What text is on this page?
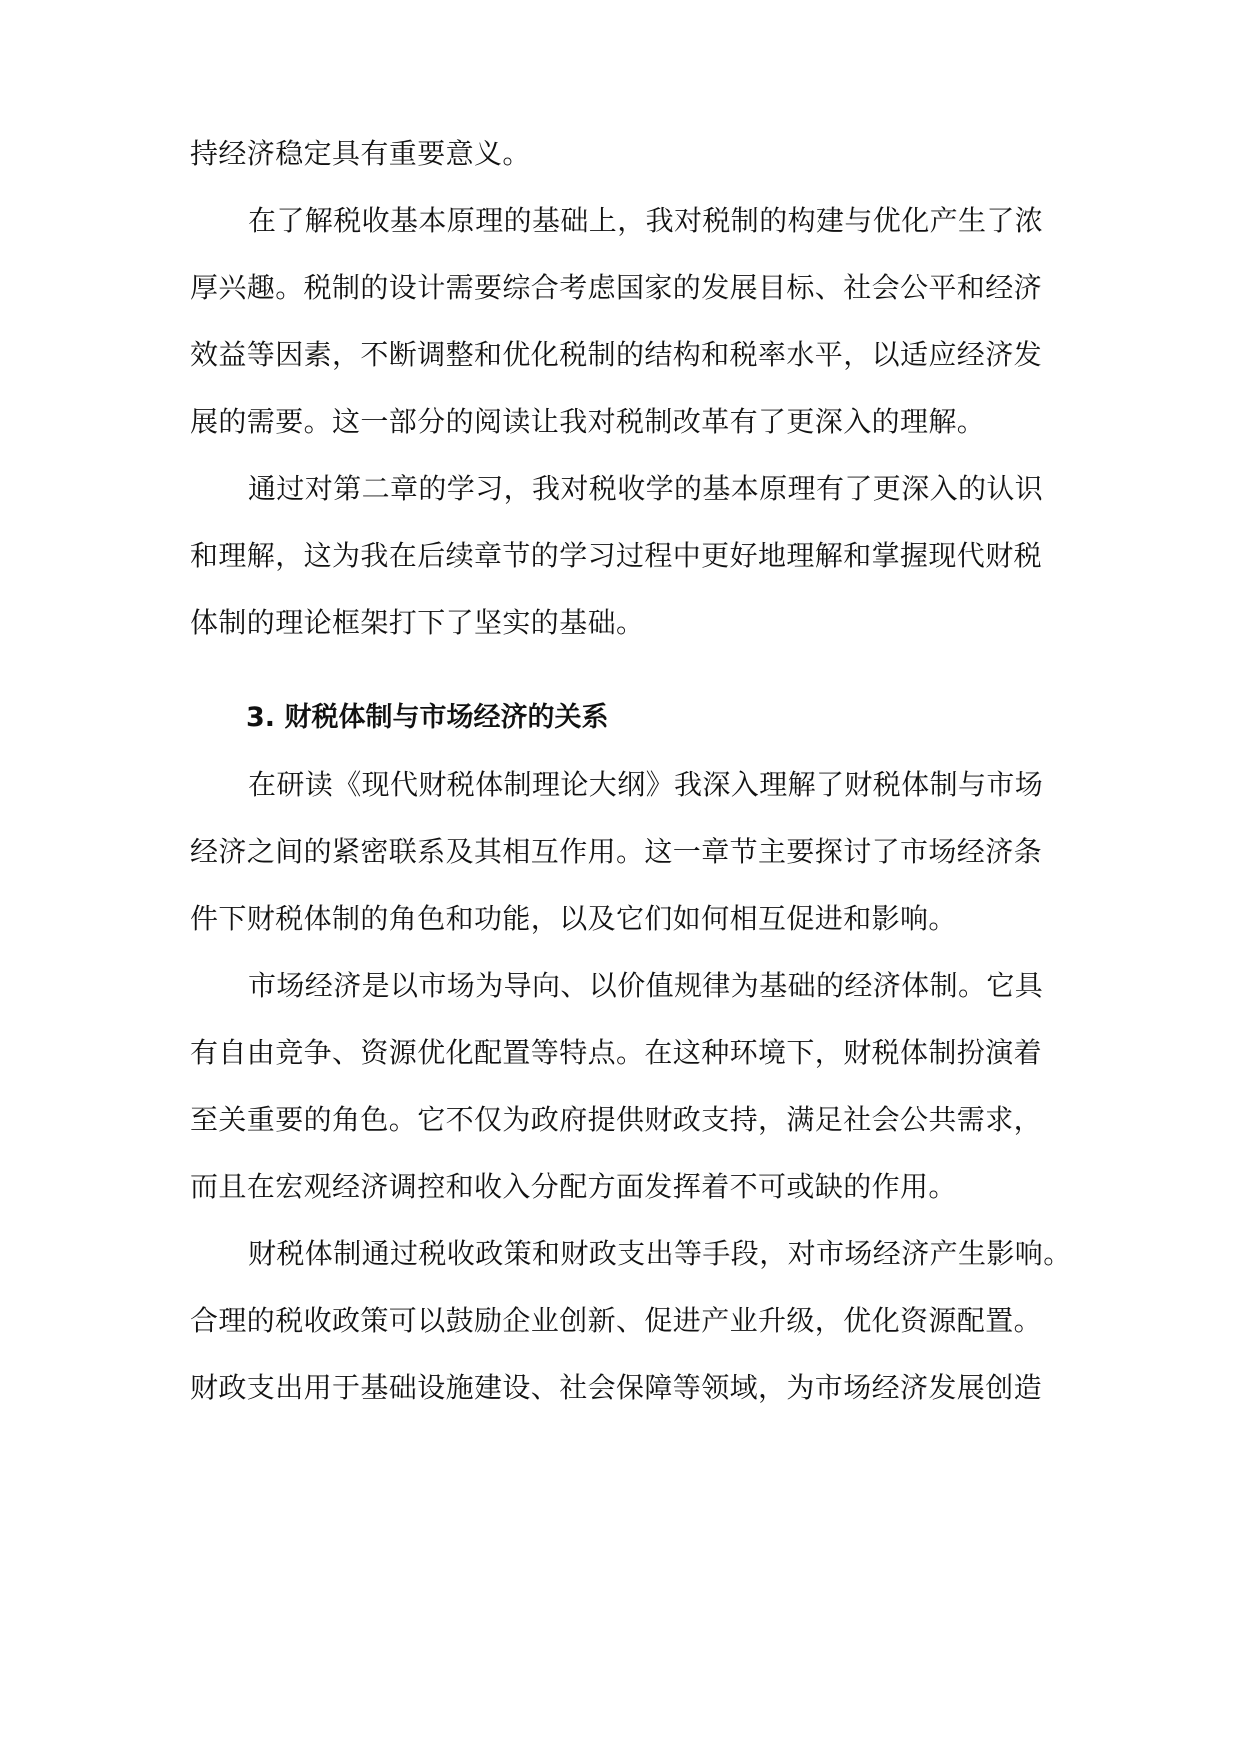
持经济稳定具有重要意义。
在了解税收基本原理的基础上，我对税制的构建与优化产生了浓
厚兴趣。税制的设计需要综合考虑国家的发展目标、社会公平和经济
效益等因素，不断调整和优化税制的结构和税率水平，以适应经济发
展的需要。这一部分的阅读让我对税制改革有了更深入的理解。
通过对第二章的学习，我对税收学的基本原理有了更深入的认识
和理解，这为我在后续章节的学习过程中更好地理解和掌握现代财税
体制的理论框架打下了坚实的基础。
3. 财税体制与市场经济的关系
在研读《现代财税体制理论大纲》我深入理解了财税体制与市场
经济之间的紧密联系及其相互作用。这一章节主要探讨了市场经济条
件下财税体制的角色和功能，以及它们如何相互促进和影响。
市场经济是以市场为导向、以价值规律为基础的经济体制。它具
有自由竞争、资源优化配置等特点。在这种环境下，财税体制扮演着
至关重要的角色。它不仅为政府提供财政支持，满足社会公共需求，
而且在宏观经济调控和收入分配方面发挥着不可或缺的作用。
财税体制通过税收政策和财政支出等手段，对市场经济产生影响。
合理的税收政策可以鼓励企业创新、促进产业升级，优化资源配置。
财政支出用于基础设施建设、社会保障等领域，为市场经济发展创造
